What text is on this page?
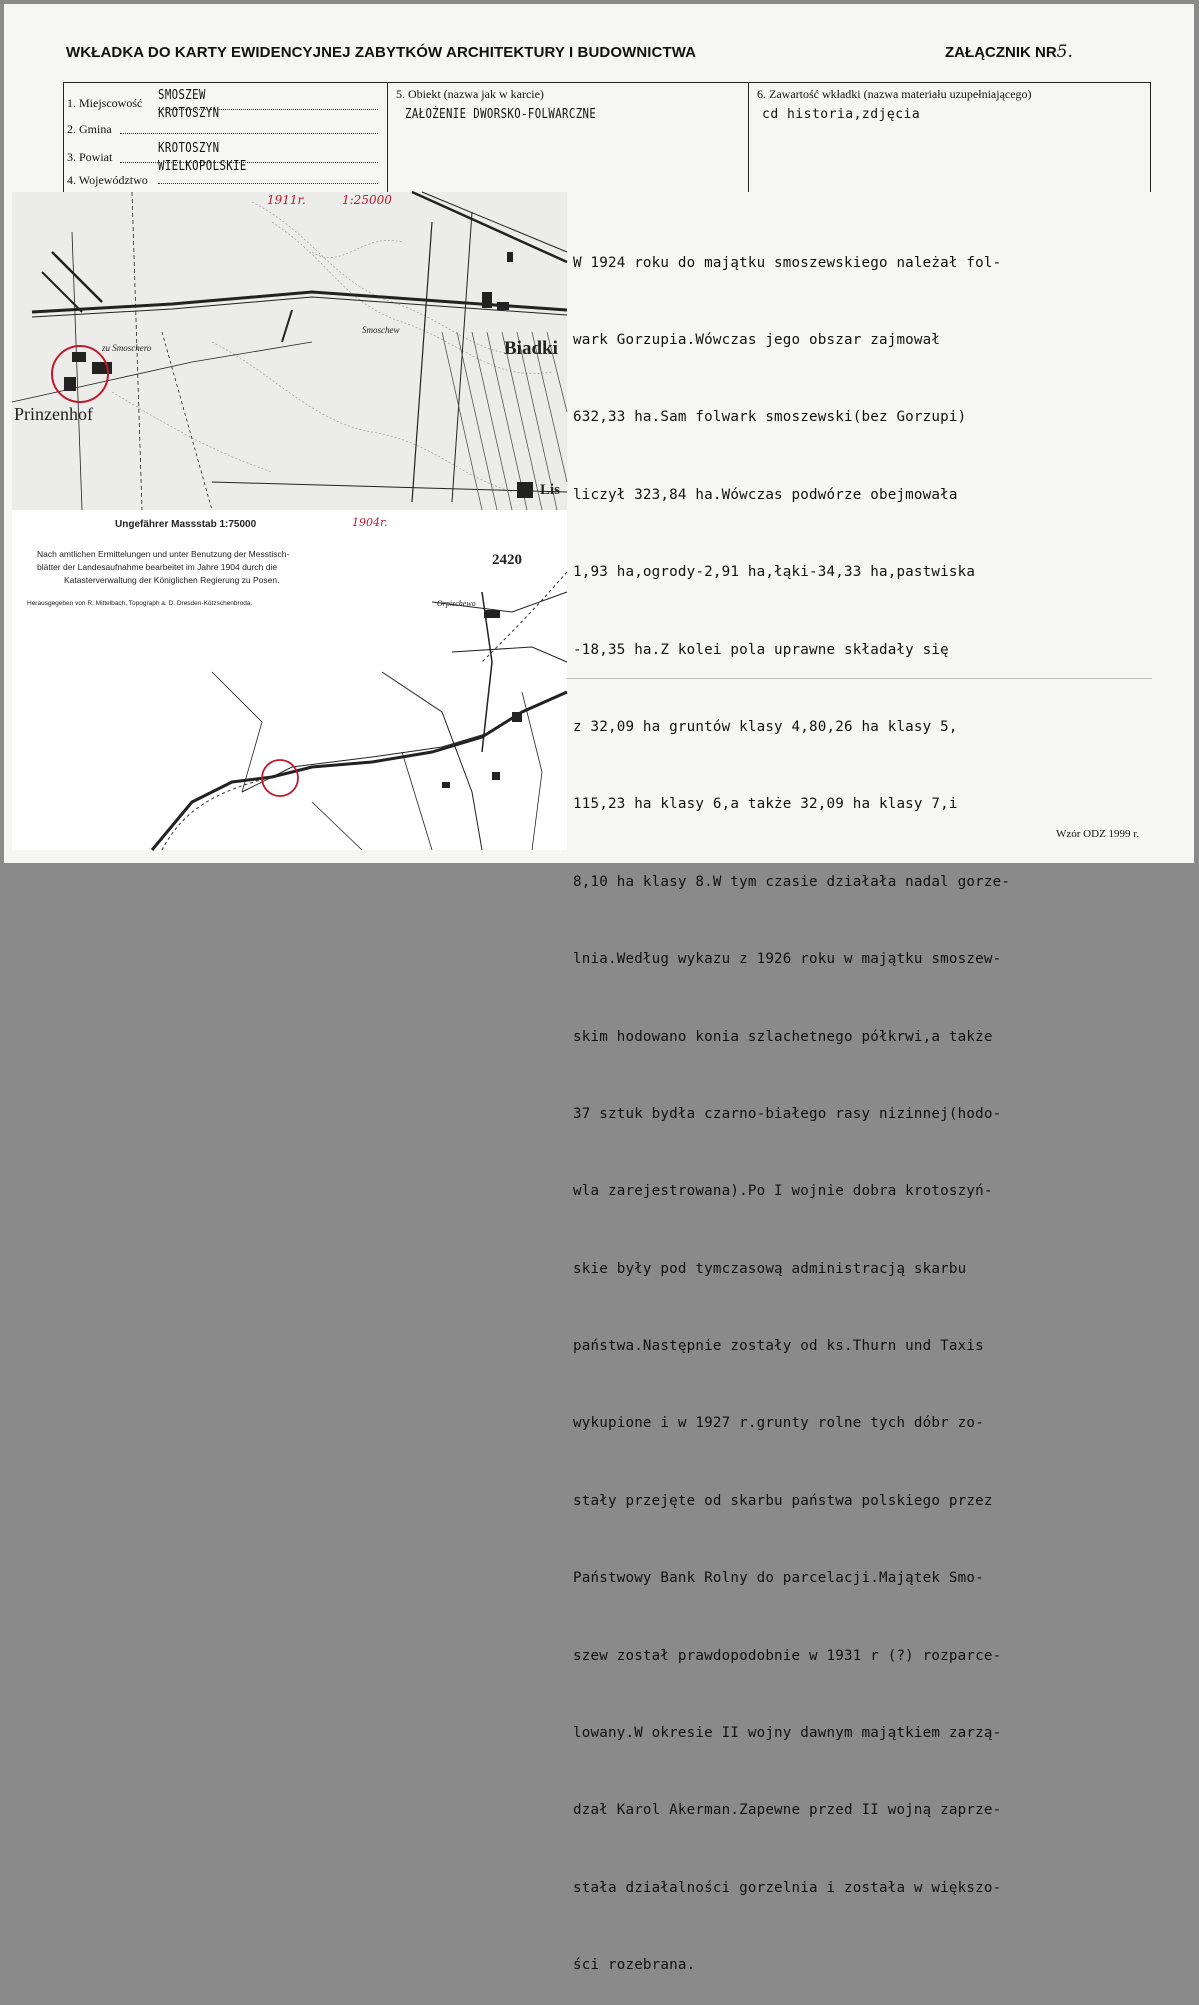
WKŁADKA DO KARTY EWIDENCYJNEJ ZABYTKÓW ARCHITEKTURY I BUDOWNICTWA	ZAŁĄCZNIK NR5.
1. Miejscowość SMOSZEW
2. Gmina
KROTOSZYN
3. Powiat
KROTOSZYN
4. Województwo
WIELKOPOLSKIE
5. Obiekt (nazwa jak w karcie)
ZAŁOŻENIE DWORSKO-FOLWARCZNE
6. Zawartość wkładki (nazwa materiału uzupełniającego)
cd historia,zdjęcia
1911r.	1:25000
Prinzenhof
Biadki
zu Smoschero
Smoschew
Lis
Ungefährer Massstab 1:75000	1904r.
Nach amtlichen Ermittelungen und unter Benutzung der Messtisch-
blätter der Landesaufnahme bearbeitet im Jahre 1904 durch die
Katasterverwaltung der Königlichen Regierung zu Posen.
Herausgegeben von R. Mittelbach, Topograph a. D. Dresden-Kötzschenbroda.
2420
Orpischewo

W 1924 roku do majątku smoszewskiego należał fol-

wark Gorzupia.Wówczas jego obszar zajmował

632,33 ha.Sam folwark smoszewski(bez Gorzupi)

liczył 323,84 ha.Wówczas podwórze obejmowała

1,93 ha,ogrody-2,91 ha,łąki-34,33 ha,pastwiska

-18,35 ha.Z kolei pola uprawne składały się

z 32,09 ha gruntów klasy 4,80,26 ha klasy 5,

115,23 ha klasy 6,a także 32,09 ha klasy 7,i

8,10 ha klasy 8.W tym czasie działała nadal gorze-

lnia.Według wykazu z 1926 roku w majątku smoszew-

skim hodowano konia szlachetnego półkrwi,a także

37 sztuk bydła czarno-białego rasy nizinnej(hodo-

wla zarejestrowana).Po I wojnie dobra krotoszyń-

skie były pod tymczasową administracją skarbu

państwa.Następnie zostały od ks.Thurn und Taxis

wykupione i w 1927 r.grunty rolne tych dóbr zo-

stały przejęte od skarbu państwa polskiego przez

Państwowy Bank Rolny do parcelacji.Majątek Smo-

szew został prawdopodobnie w 1931 r (?) rozparce-

lowany.W okresie II wojny dawnym majątkiem zarzą-

dzał Karol Akerman.Zapewne przed II wojną zaprze-

stała działalności gorzelnia i została w większo-

ści rozebrana.

Wzór ODZ 1999 r.
